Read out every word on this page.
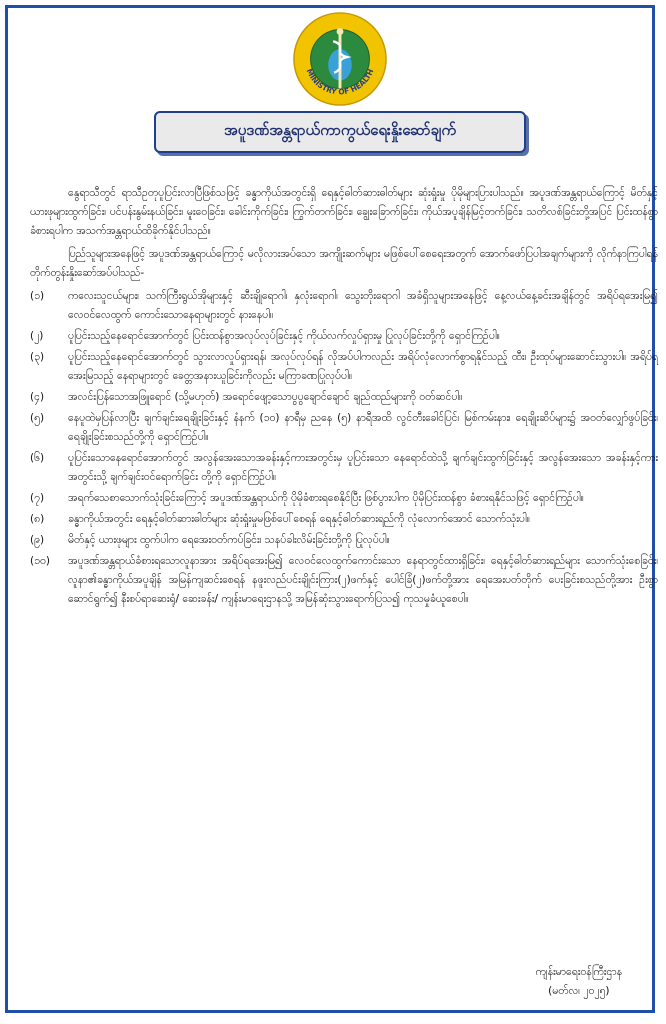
MINISTRY OF HEALTH
အပူဒဏ်အန္တရာယ်ကာကွယ်ရေးနှိုးဆော်ချက်

နွေရာသီတွင် ရာသီဥတုပူပြင်းလာပြီဖြစ်သဖြင့် ခန္ဓာကိုယ်အတွင်းရှိ ရေနှင့်ဓါတ်ဆားဓါတ်များ ဆုံးရှုံးမှု ပိုမိုများပြားပါသည်။ အပူဒဏ်အန္တရာယ်ကြောင့် မိတ်နှင့်ယားဖုများထွက်ခြင်း၊ ပင်ပန်းနွမ်းနယ်ခြင်း၊ မူးဝေခြင်း၊ ခေါင်းကိုက်ခြင်း၊ ကြွက်တက်ခြင်း၊ ချွေးခြောက်ခြင်း၊ ကိုယ်အပူချိန်မြင့်တက်ခြင်း၊ သတိလစ်ခြင်းတို့အပြင် ပြင်းထန်စွာခံစားရပါက အသက်အန္တရာယ်ထိခိုက်နိုင်ပါသည်။

ပြည်သူများအနေဖြင့် အပူဒဏ်အန္တရာယ်ကြောင့် မလိုလားအပ်သော အကျိုးဆက်များ မဖြစ်ပေါ်စေရေးအတွက် အောက်ဖော်ပြပါအချက်များကို လိုက်နာကြပါရန် တိုက်တွန်းနှိုးဆော်အပ်ပါသည်-

(၁)	ကလေးသူငယ်များ၊ သက်ကြီးရွယ်အိုများနှင့် ဆီးချိုရောဂါ၊ နှလုံးရောဂါ၊ သွေးတိုးရောဂါ အခံရှိသူများအနေဖြင့် နေ့လယ်နေ့ခင်းအချိန်တွင် အရိပ်ရအေးမြ၍ လေဝင်လေထွက် ကောင်းသောနေရာများတွင် နားနေပါ။
(၂)	ပူပြင်းသည့်နေရောင်အောက်တွင် ပြင်းထန်စွာအလုပ်လုပ်ခြင်းနှင့် ကိုယ်လက်လှုပ်ရှားမှု ပြုလုပ်ခြင်းတို့ကို ရှောင်ကြဉ်ပါ။
(၃)	ပူပြင်းသည့်နေရောင်အောက်တွင် သွားလာလှုပ်ရှားရန်၊ အလုပ်လုပ်ရန် လိုအပ်ပါကလည်း အရိပ်လုံလောက်စွာရနိုင်သည့် ထီး၊ ဦးထုပ်များဆောင်းသွားပါ။ အရိပ်ရအေးမြသည့် နေရာများတွင် ခေတ္တအနားယူခြင်းကိုလည်း မကြာခဏပြုလုပ်ပါ။
(၄)	အလင်းပြန်သောအဖြူရောင် (သို့မဟုတ်) အရောင်ဖျော့သောပွပွချောင်ချောင် ချည်ထည်များကို ဝတ်ဆင်ပါ။
(၅)	နေပူထဲမှပြန်လာပြီး ချက်ချင်းရေချိုးခြင်းနှင့် နံနက် (၁၀) နာရီမှ ညနေ (၅) နာရီအထိ လွင်တီးခေါင်ပြင်၊ မြစ်ကမ်းနား၊ ရေချိုးဆိပ်များ၌ အဝတ်လျှော်ဖွပ်ခြင်း၊ ရေချိုးခြင်းစသည်တို့ကို ရှောင်ကြဉ်ပါ။
(၆)	ပူပြင်းသောနေရောင်အောက်တွင် အလွန်အေးသောအခန်းနှင့်ကားအတွင်းမှ ပူပြင်းသော နေရောင်ထဲသို့ ချက်ချင်းထွက်ခြင်းနှင့် အလွန်အေးသော အခန်းနှင့်ကားအတွင်းသို့ ချက်ချင်းဝင်ရောက်ခြင်း တို့ကို ရှောင်ကြဉ်ပါ။
(၇)	အရက်သေစာသောက်သုံးခြင်းကြောင့် အပူဒဏ်အန္တရာယ်ကို ပိုမိုခံစားရစေနိုင်ပြီး ဖြစ်ပွားပါက ပိုမိုပြင်းထန်စွာ ခံစားရနိုင်သဖြင့် ရှောင်ကြဉ်ပါ။
(၈)	ခန္ဓာကိုယ်အတွင်း ရေနှင့်ဓါတ်ဆားဓါတ်များ ဆုံးရှုံးမှုမဖြစ်ပေါ်စေရန် ရေနှင့်ဓါတ်ဆားရည်ကို လုံလောက်အောင် သောက်သုံးပါ။
(၉)	မိတ်နှင့် ယားဖုများ ထွက်ပါက ရေအေးဝတ်ကပ်ခြင်း၊ သနပ်ခါးလိမ်းခြင်းတို့ကို ပြုလုပ်ပါ။
(၁၀)	အပူဒဏ်အန္တရာယ်ခံစားရသောလူနာအား အရိပ်ရအေးမြ၍ လေဝင်လေထွက်ကောင်းသော နေရာတွင်ထားရှိခြင်း၊ ရေနှင့်ဓါတ်ဆားရည်များ သောက်သုံးစေခြင်း၊ လူနာ၏ခန္ဓာကိုယ်အပူချိန် အမြန်ကျဆင်းစေရန် နဖူးလည်ပင်းချိုင်းကြား(၂)ဖက်နှင့် ပေါင်ခြံ(၂)ဖက်တို့အား ရေအေးပတ်တိုက် ပေးခြင်းစသည်တို့အား ဦးစွာဆောင်ရွက်၍ နီးစပ်ရာဆေးရုံ/ ဆေးခန်း/ ကျန်းမာရေးဌာနသို့ အမြန်ဆုံးသွားရောက်ပြသ၍ ကုသမှုခံယူစေပါ။
ကျန်းမာရေးဝန်ကြီးဌာန
(မတ်လ၊ ၂၀၂၅)
